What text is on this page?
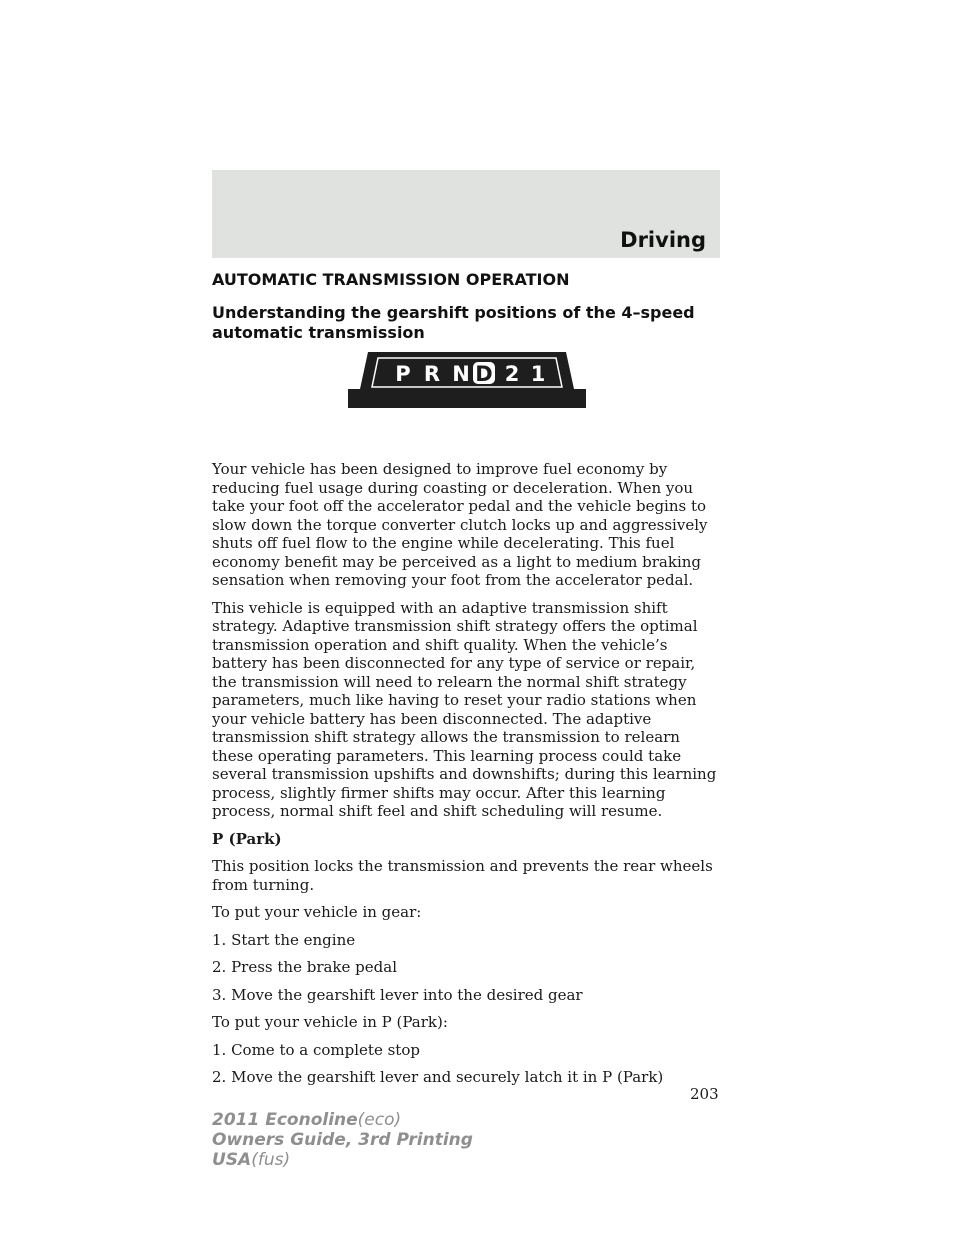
Driving
AUTOMATIC TRANSMISSION OPERATION
Understanding the gearshift positions of the 4–speed automatic transmission
P R N D 2 1

Your vehicle has been designed to improve fuel economy by reducing fuel usage during coasting or deceleration. When you take your foot off the accelerator pedal and the vehicle begins to slow down the torque converter clutch locks up and aggressively shuts off fuel flow to the engine while decelerating. This fuel economy benefit may be perceived as a light to medium braking sensation when removing your foot from the accelerator pedal.

This vehicle is equipped with an adaptive transmission shift strategy. Adaptive transmission shift strategy offers the optimal transmission operation and shift quality. When the vehicle’s battery has been disconnected for any type of service or repair, the transmission will need to relearn the normal shift strategy parameters, much like having to reset your radio stations when your vehicle battery has been disconnected. The adaptive transmission shift strategy allows the transmission to relearn these operating parameters. This learning process could take several transmission upshifts and downshifts; during this learning process, slightly firmer shifts may occur. After this learning process, normal shift feel and shift scheduling will resume.

P (Park)

This position locks the transmission and prevents the rear wheels from turning.

To put your vehicle in gear:

1. Start the engine

2. Press the brake pedal

3. Move the gearshift lever into the desired gear

To put your vehicle in P (Park):

1. Come to a complete stop

2. Move the gearshift lever and securely latch it in P (Park)

203
2011 Econoline(eco)
Owners Guide, 3rd Printing
USA(fus)
